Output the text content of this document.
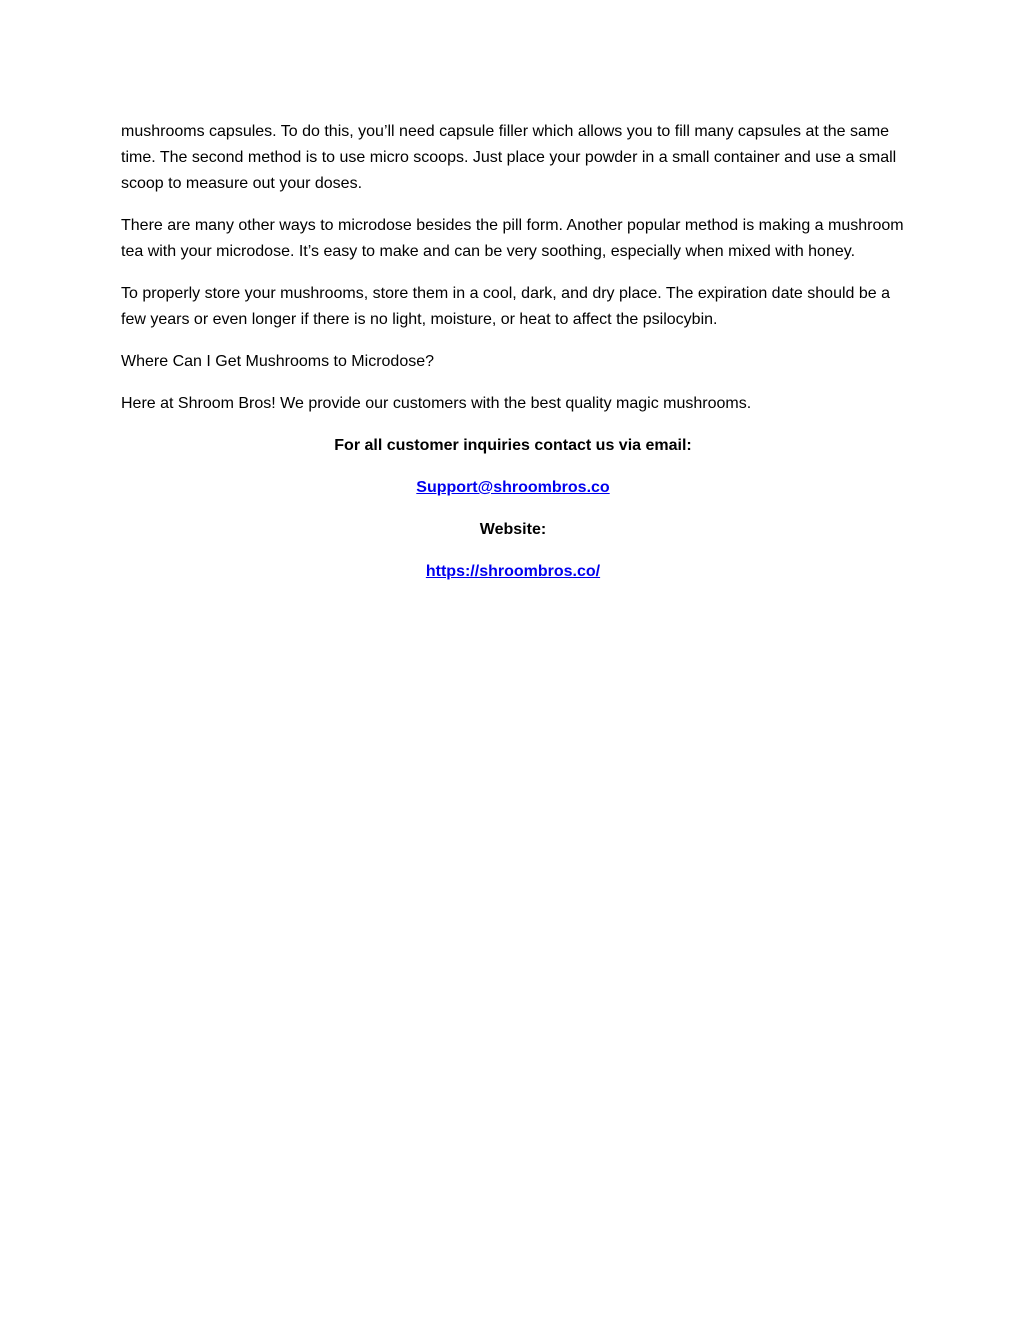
mushrooms capsules. To do this, you’ll need capsule filler which allows you to fill many capsules at the same time. The second method is to use micro scoops. Just place your powder in a small container and use a small scoop to measure out your doses.

There are many other ways to microdose besides the pill form. Another popular method is making a mushroom tea with your microdose. It’s easy to make and can be very soothing, especially when mixed with honey.

To properly store your mushrooms, store them in a cool, dark, and dry place. The expiration date should be a few years or even longer if there is no light, moisture, or heat to affect the psilocybin.

Where Can I Get Mushrooms to Microdose?

Here at Shroom Bros! We provide our customers with the best quality magic mushrooms.

For all customer inquiries contact us via email:

Support@shroombros.co

Website:

https://shroombros.co/
